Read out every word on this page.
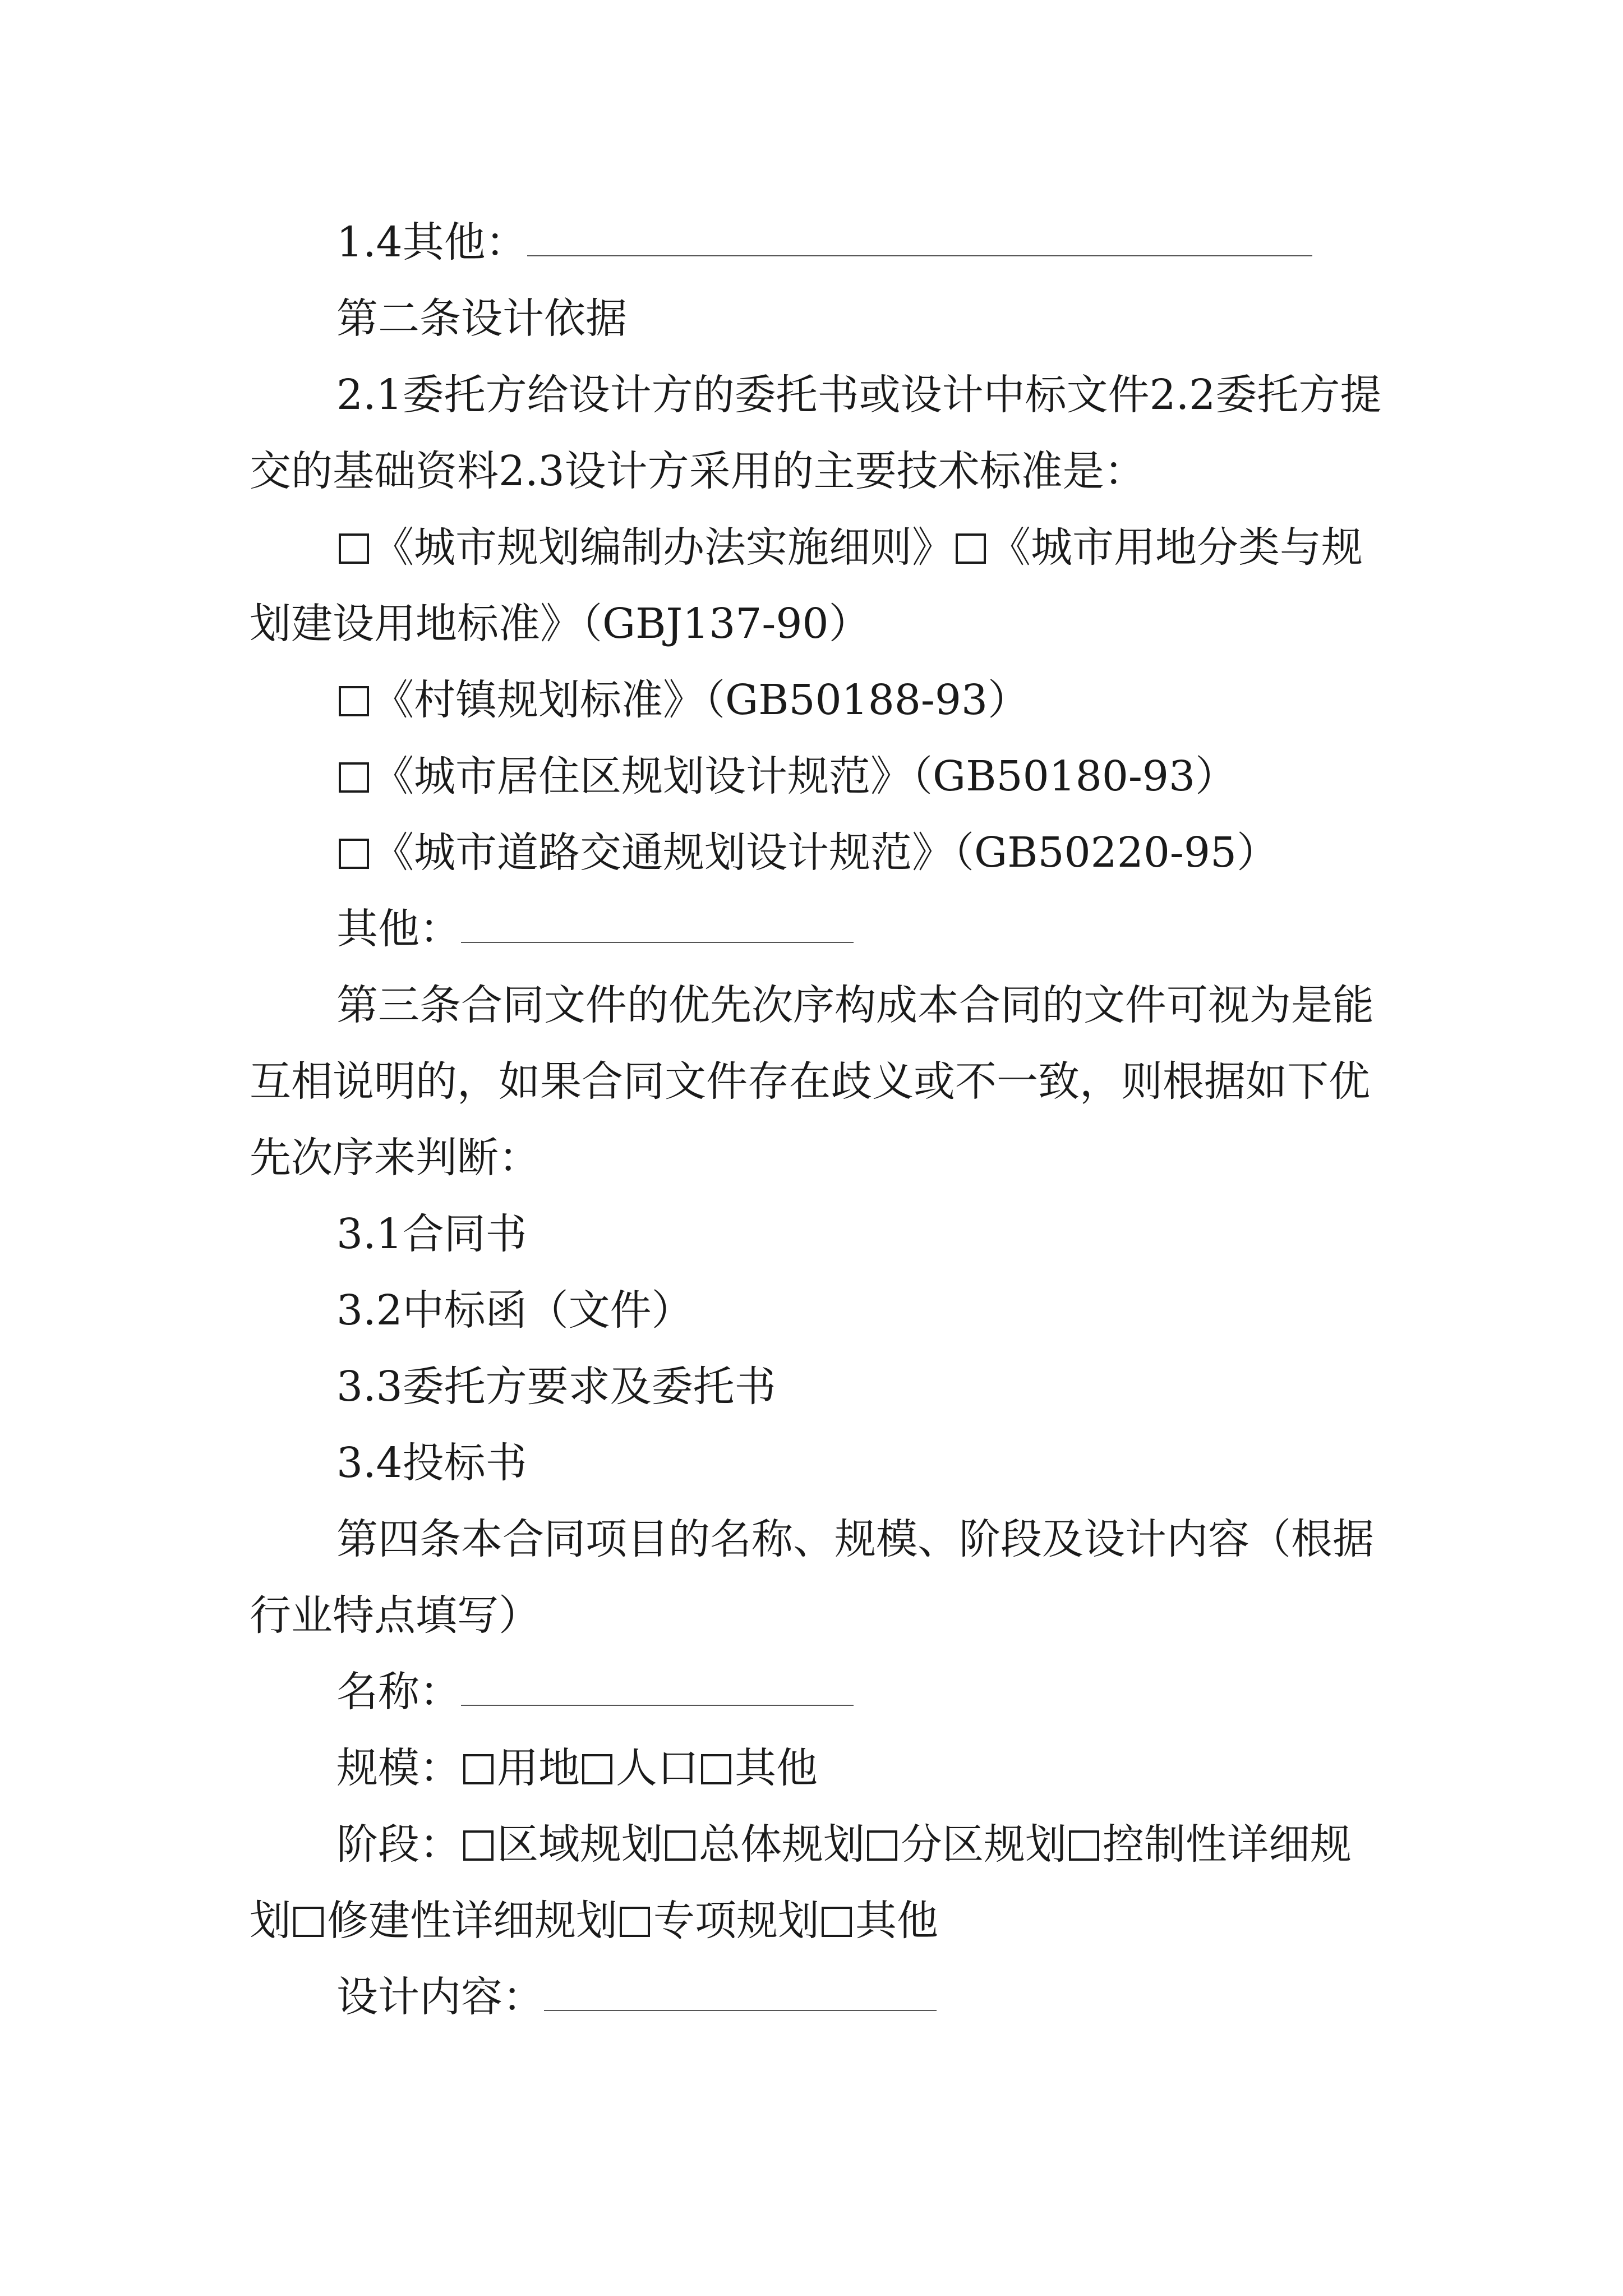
1.4其他：

第二条设计依据

2.1委托方给设计方的委托书或设计中标文件2.2委托方提交的基础资料2.3设计方采用的主要技术标准是：

《城市规划编制办法实施细则》 《城市用地分类与规划建设用地标准》（GBJ137-90）

《村镇规划标准》（GB50188-93）

《城市居住区规划设计规范》（GB50180-93）

《城市道路交通规划设计规范》（GB50220-95）

其他：

第三条合同文件的优先次序构成本合同的文件可视为是能互相说明的，如果合同文件存在歧义或不一致，则根据如下优先次序来判断：

3.1合同书

3.2中标函（文件）

3.3委托方要求及委托书

3.4投标书

第四条本合同项目的名称、规模、阶段及设计内容（根据行业特点填写）

名称：

规模： 用地 人口 其他

阶段： 区域规划 总体规划 分区规划 控制性详细规划 修建性详细规划 专项规划 其他

设计内容：
